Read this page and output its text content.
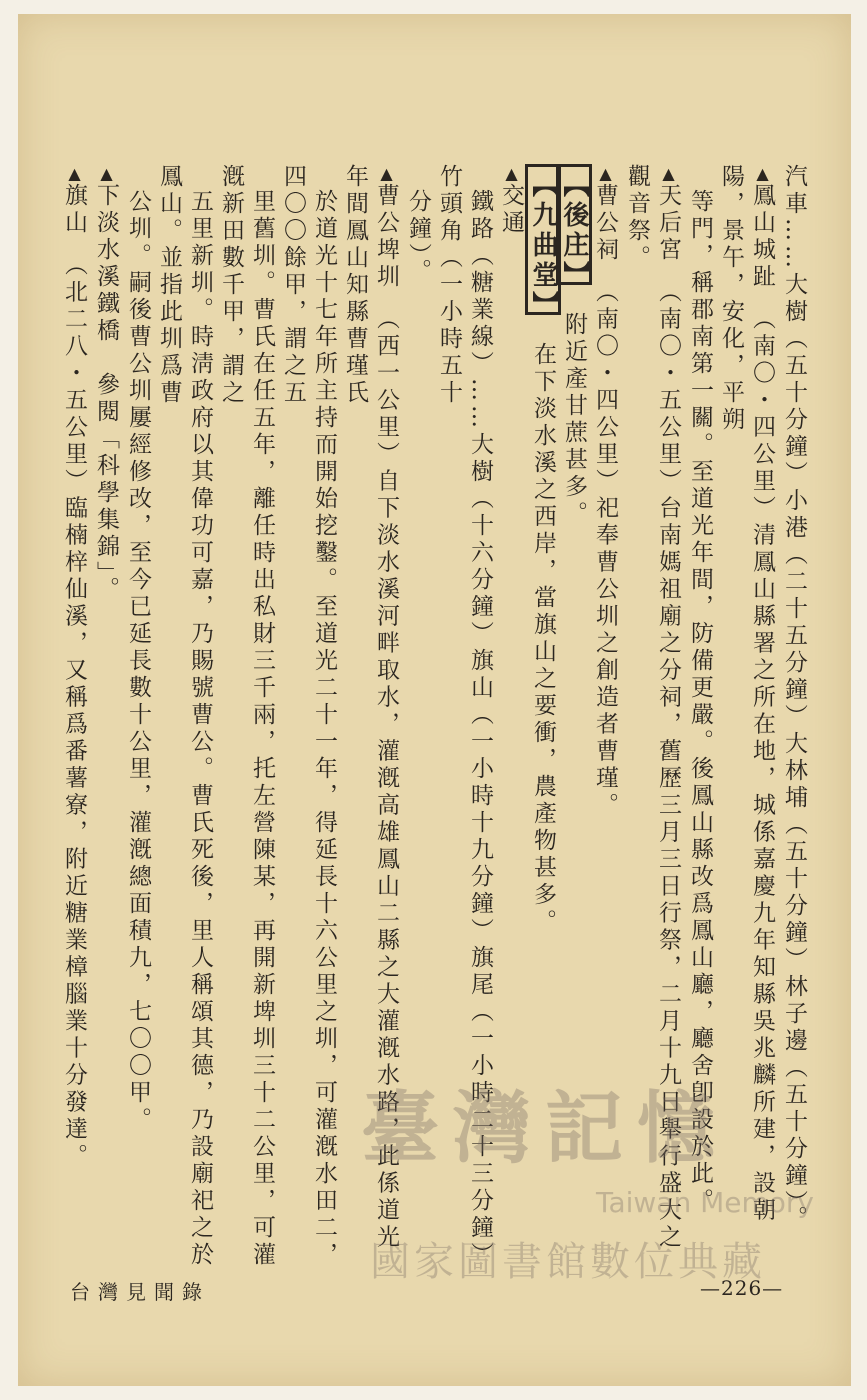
汽車……大樹（五十分鐘）小港（二十五分鐘）大林埔（五十分鐘）林子邊（五十分鐘）。

▲鳳山城趾　（南〇・四公里）清鳳山縣署之所在地，城係嘉慶九年知縣吳兆麟所建，設朝陽，景午，安化，平朔

等門，稱郡南第一關。至道光年間，防備更嚴。後鳳山縣改爲鳳山廳，廳舍卽設於此。

▲天后宮　（南〇・五公里）台南媽祖廟之分祠，舊歷三月三日行祭，二月十九日舉行盛大之觀音祭。

▲曹公祠　（南〇・四公里）祀奉曹公圳之創造者曹瑾。

【後庄】　附近產甘蔗甚多。

【九曲堂】　在下淡水溪之西岸，當旗山之要衝，農產物甚多。

▲交通

鐵路（糖業線）……大樹（十六分鐘）旗山（一小時十九分鐘）旗尾（一小時二十三分鐘）竹頭角（一小時五十

分鐘）。

▲曹公埤圳　（西一公里）自下淡水溪河畔取水，灌漑高雄鳳山二縣之大灌漑水路，此係道光年間鳳山知縣曹瑾氏

於道光十七年所主持而開始挖鑿。至道光二十一年，得延長十六公里之圳，可灌漑水田二，四〇〇餘甲，謂之五

里舊圳。曹氏在任五年，離任時出私財三千兩，托左營陳某，再開新埤圳三十二公里，可灌漑新田數千甲，謂之

五里新圳。時淸政府以其偉功可嘉，乃賜號曹公。曹氏死後，里人稱頌其德，乃設廟祀之於鳳山。並指此圳爲曹

公圳。嗣後曹公圳屢經修改，至今已延長數十公里，灌漑總面積九，七〇〇甲。

▲下淡水溪鐵橋　參閱「科學集錦」。

▲旗山　（北二八・五公里）臨楠梓仙溪，又稱爲番薯寮，附近糖業樟腦業十分發達。

台灣見聞錄	—226—
臺灣記憶
Taiwan Memory
國家圖書館數位典藏
